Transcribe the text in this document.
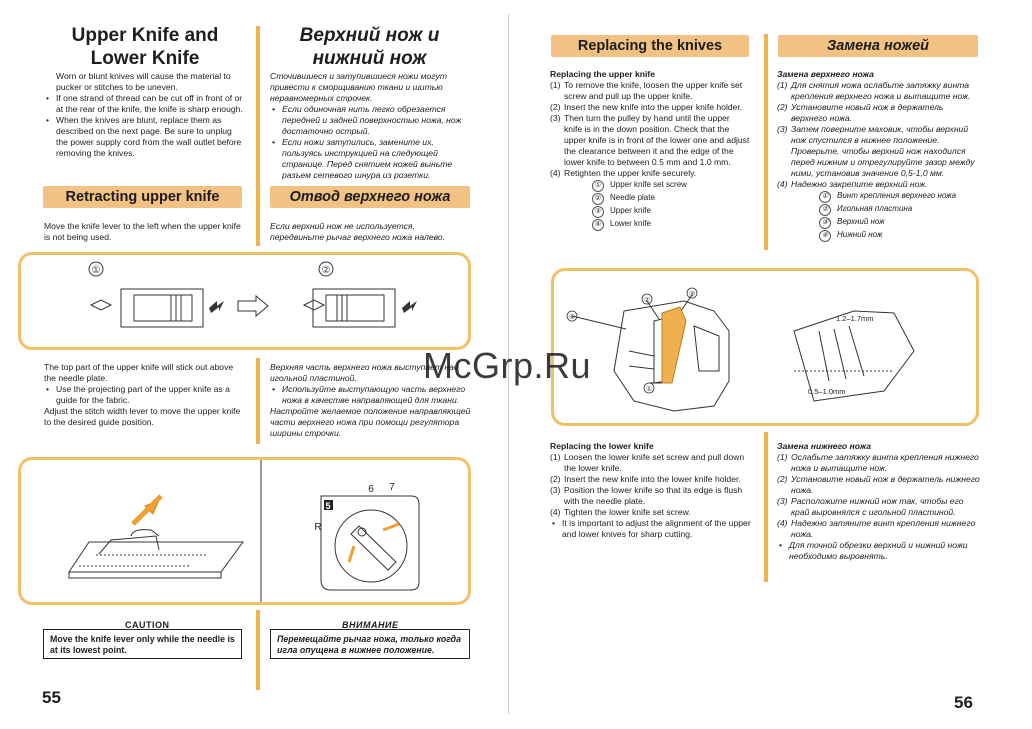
Upper Knife and
Lower Knife
Верхний нож и
нижний нож

Worn or blunt knives will cause the material to pucker or stitches to be uneven.

• If one strand of thread can be cut off in front of or at the rear of the knife, the knife is sharp enough.

• When the knives are blunt, replace them as described on the next page. Be sure to unplug the power supply cord from the wall outlet before removing the knives.

Сточившиеся и затупившиеся ножи могут привести к сморщиванию ткани и шитью неравномерных строчек.

• Если одиночная нить легко обрезается передней и задней поверхностью ножа, нож достаточно острый.

• Если ножи затупились, замените их, пользуясь инструкцией на следующей странице. Перед снятием ножей выньте разъем сетевого шнура из розетки.

Retracting upper knife	Отвод верхнего ножа
Move the knife lever to the left when the upper knife is not being used.
Если верхний нож не используется, передвиньте рычаг верхнего ножа налево.
①	②

The top part of the upper knife will stick out above the needle plate.

• Use the projecting part of the upper knife as a guide for the fabric.

Adjust the stitch width lever to move the upper knife to the desired guide position.

Верхняя часть верхнего ножа выступает над игольной пластиной.

• Используйте выступающую часть верхнего ножа в качестве направляющей для ткани.

Настройте желаемое положение направляющей части верхнего ножа при помощи регулятора ширины строчки.

5
6 7
R
CAUTION
Move the knife lever only while the needle is at its lowest point.
ВНИМАНИЕ
Перемещайте рычаг ножа, только когда игла опущена в нижнее положение.
55
Replacing the knives	Замена ножей

Replacing the upper knife

(1) To remove the knife, loosen the upper knife set screw and pull up the upper knife.

(2) Insert the new knife into the upper knife holder.

(3) Then turn the pulley by hand until the upper knife is in the down position. Check that the upper knife is in front of the lower one and adjust the clearance between it and the edge of the lower knife to between 0.5 mm and 1.0 mm.

(4) Retighten the upper knife securely.

① Upper knife set screw
② Needle plate
③ Upper knife
④ Lower knife

Замена верхнего ножа

(1) Для снятия ножа ослабьте затяжку винта крепления верхнего ножа и вытащите нож.

(2) Установите новый нож в держатель верхнего ножа.

(3) Затем поверните маховик, чтобы верхний нож спустился в нижнее положение. Проверьте, чтобы верхний нож находился перед нижним и отрегулируйте зазор между ними, установив значение 0,5-1,0 мм.

(4) Надежно закрепите верхний нож.

① Винт крепления верхнего ножа
② Игольная пластина
③ Верхний нож
④ Нижний нож
④
②
③
①
1.2–1.7mm
0.5–1.0mm

Replacing the lower knife

(1) Loosen the lower knife set screw and pull down the lower knife.

(2) Insert the new knife into the lower knife holder.

(3) Position the lower knife so that its edge is flush with the needle plate.

(4) Tighten the lower knife set screw.

• It is important to adjust the alignment of the upper and lower knives for sharp cutting.

Замена нижнего ножа

(1) Ослабьте затяжку винта крепления нижнего ножа и вытащите нож.

(2) Установите новый нож в держатель нижнего ножа.

(3) Расположите нижний нож так, чтобы его край выровнялся с игольной пластиной.

(4) Надежно затяните винт крепления нижнего ножа.

• Для точной обрезки верхний и нижний ножи необходимо выровнять.

56
McGrp.Ru
